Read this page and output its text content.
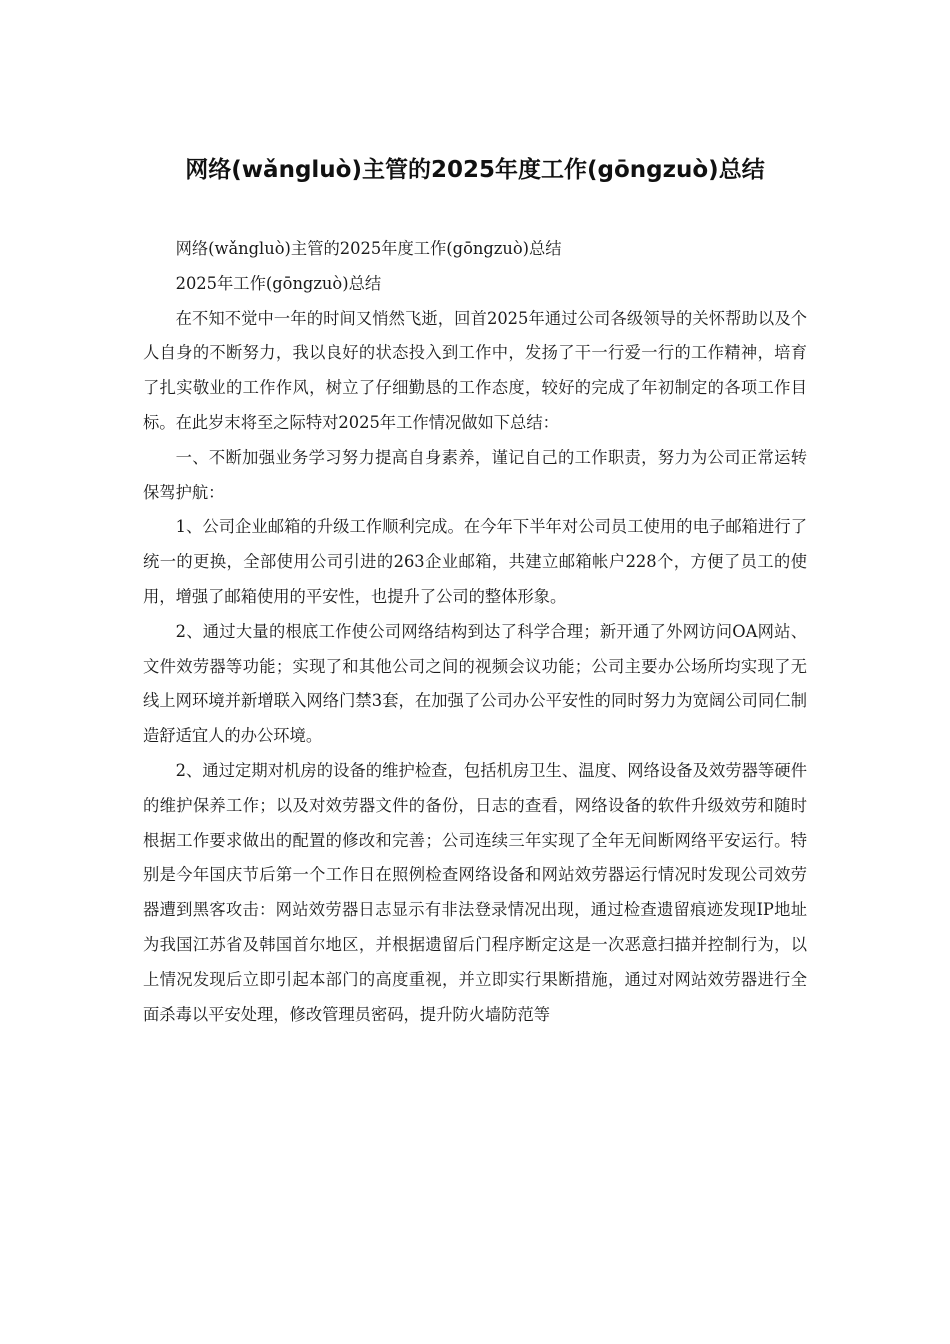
网络(wǎngluò)主管的2025年度工作(gōngzuò)总结

网络(wǎngluò)主管的2025年度工作(gōngzuò)总结

2025年工作(gōngzuò)总结

在不知不觉中一年的时间又悄然飞逝，回首2025年通过公司各级领导的关怀帮助以及个人自身的不断努力，我以良好的状态投入到工作中，发扬了干一行爱一行的工作精神，培育了扎实敬业的工作作风，树立了仔细勤恳的工作态度，较好的完成了年初制定的各项工作目标。在此岁末将至之际特对2025年工作情况做如下总结：

一、不断加强业务学习努力提高自身素养，谨记自己的工作职责，努力为公司正常运转保驾护航：

1、公司企业邮箱的升级工作顺利完成。在今年下半年对公司员工使用的电子邮箱进行了统一的更换，全部使用公司引进的263企业邮箱，共建立邮箱帐户228个，方便了员工的使用，增强了邮箱使用的平安性，也提升了公司的整体形象。

2、通过大量的根底工作使公司网络结构到达了科学合理；新开通了外网访问OA网站、文件效劳器等功能；实现了和其他公司之间的视频会议功能；公司主要办公场所均实现了无线上网环境并新增联入网络门禁3套，在加强了公司办公平安性的同时努力为宽阔公司同仁制造舒适宜人的办公环境。

2、通过定期对机房的设备的维护检查，包括机房卫生、温度、网络设备及效劳器等硬件的维护保养工作；以及对效劳器文件的备份，日志的查看，网络设备的软件升级效劳和随时根据工作要求做出的配置的修改和完善；公司连续三年实现了全年无间断网络平安运行。特别是今年国庆节后第一个工作日在照例检查网络设备和网站效劳器运行情况时发现公司效劳器遭到黑客攻击：网站效劳器日志显示有非法登录情况出现，通过检查遗留痕迹发现IP地址为我国江苏省及韩国首尔地区，并根据遗留后门程序断定这是一次恶意扫描并控制行为，以上情况发现后立即引起本部门的高度重视，并立即实行果断措施，通过对网站效劳器进行全面杀毒以平安处理，修改管理员密码，提升防火墙防范等
